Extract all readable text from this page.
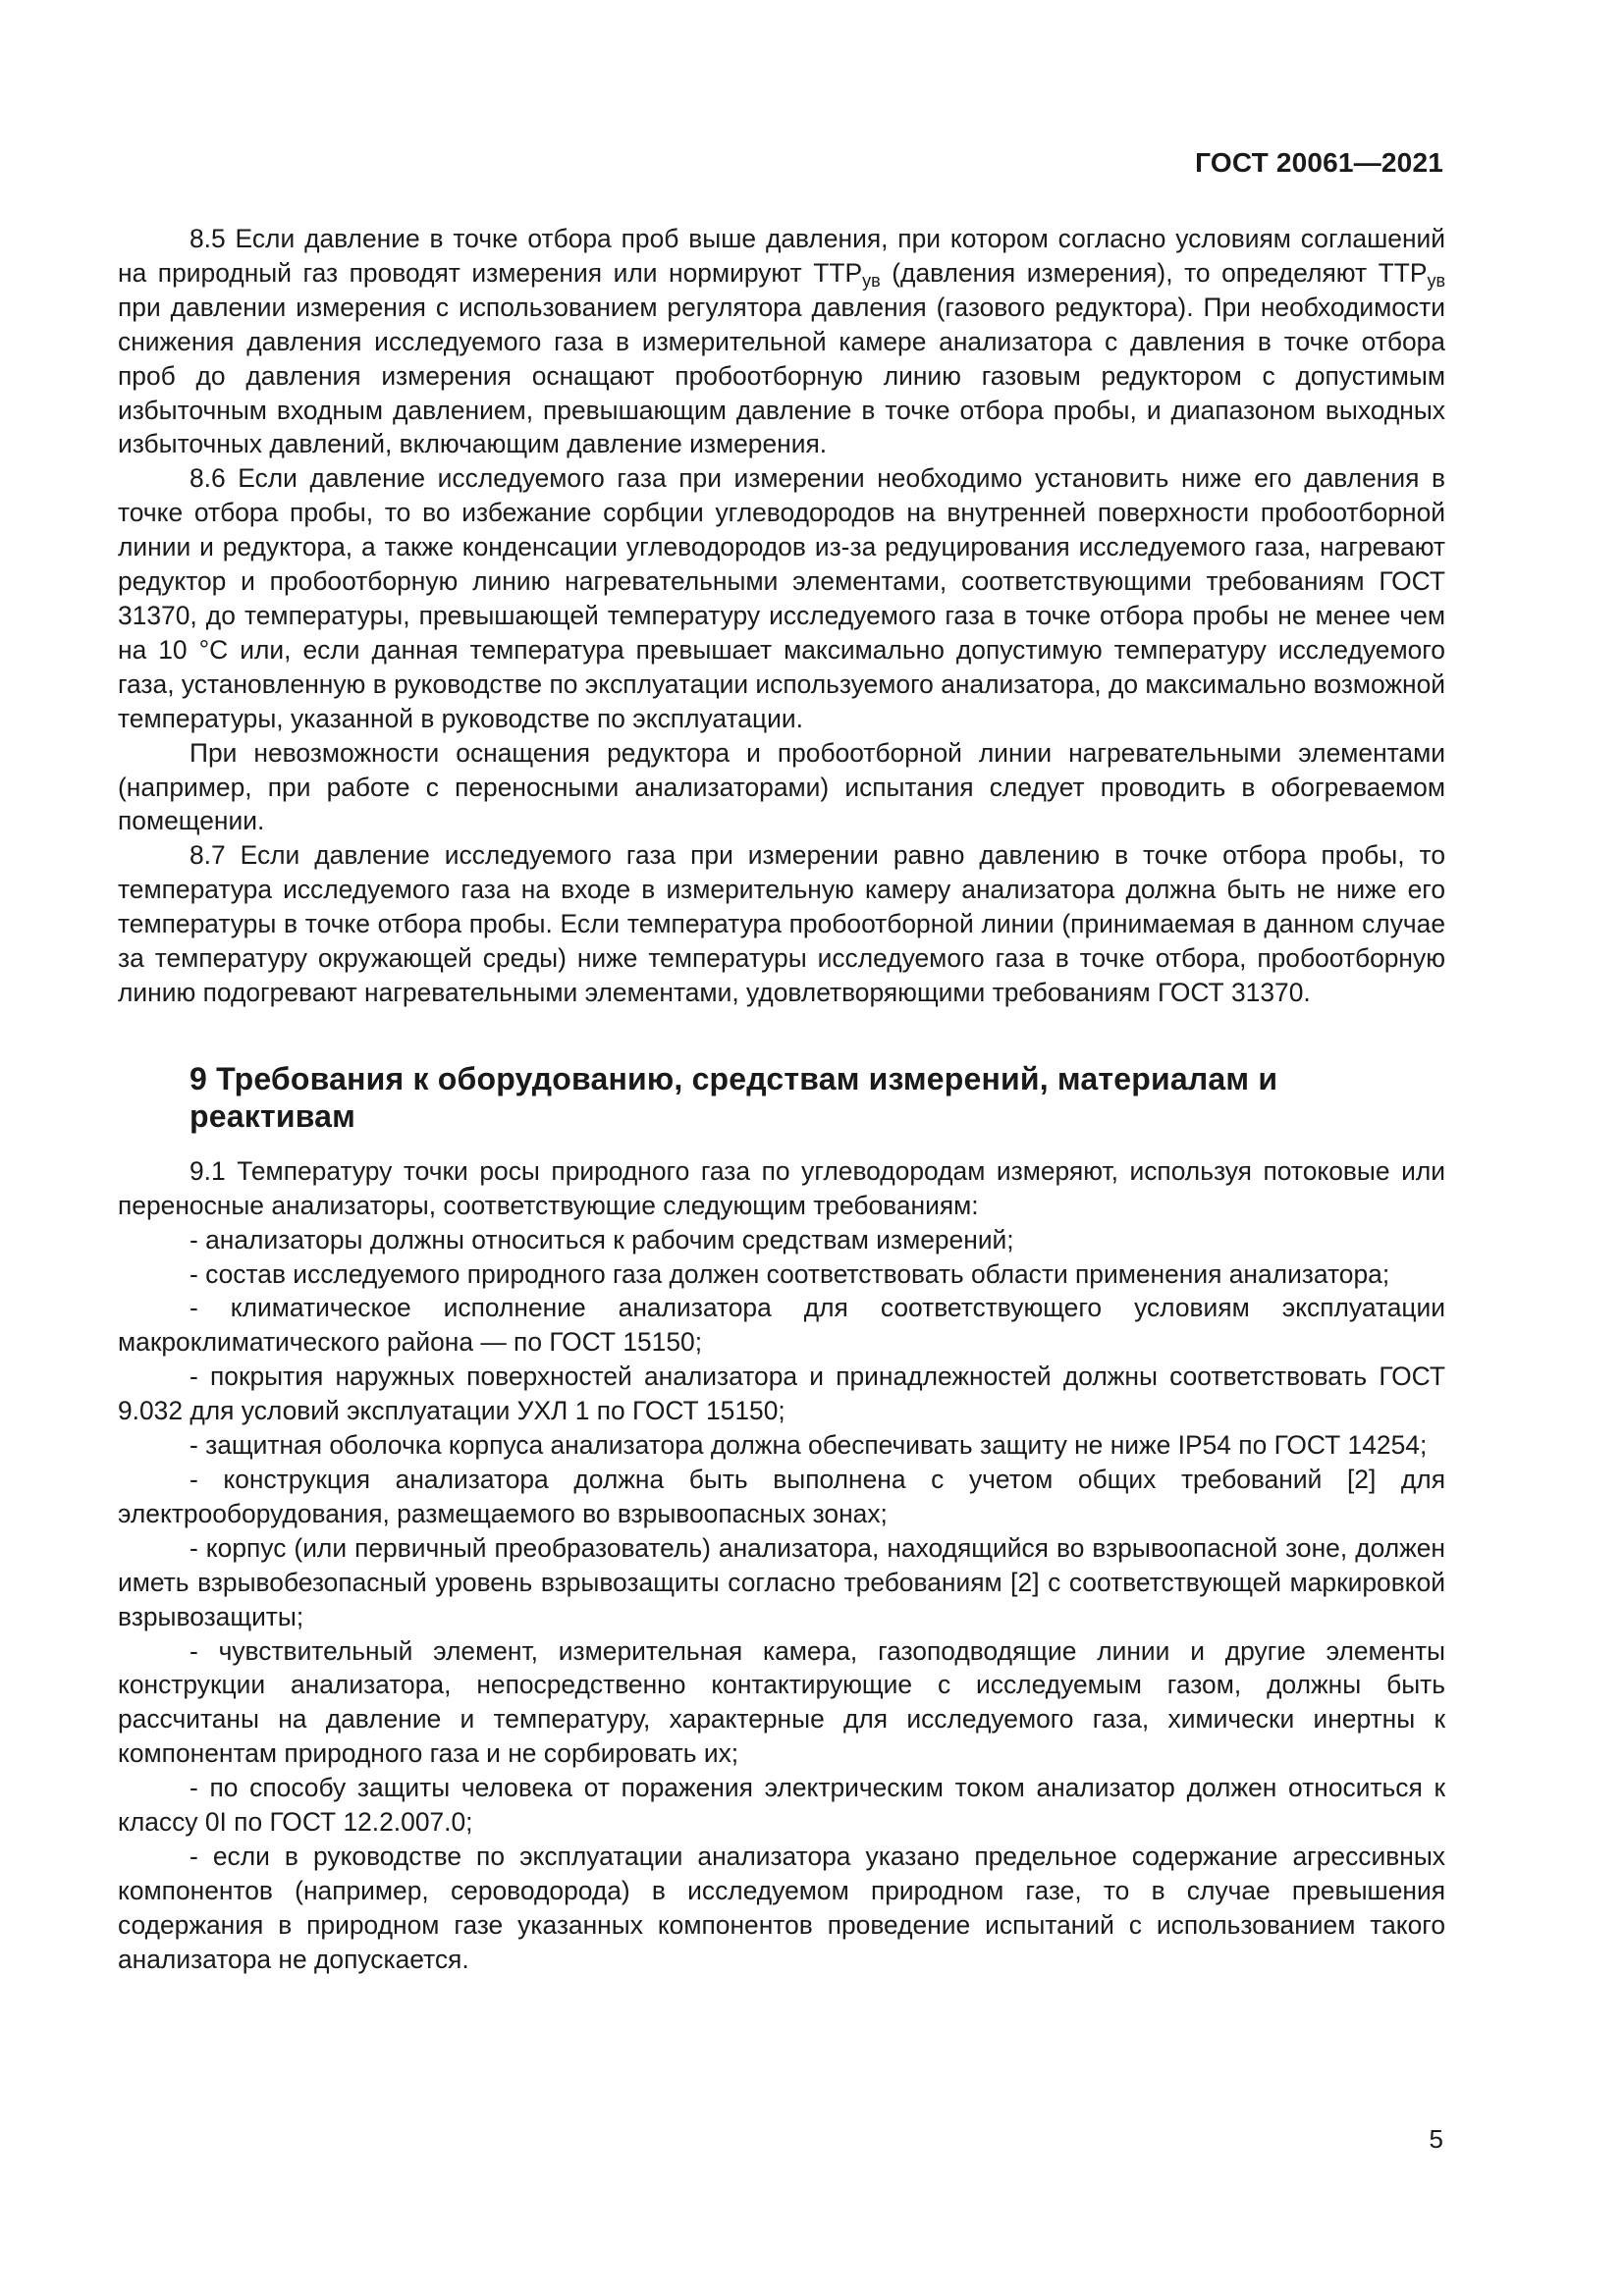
ГОСТ 20061—2021

8.5 Если давление в точке отбора проб выше давления, при котором согласно условиям соглашений на природный газ проводят измерения или нормируют $ТТР_{ув}$ (давления измерения), то определяют $ТТР_{ув}$ при давлении измерения с использованием регулятора давления (газового редуктора). При необходимости снижения давления исследуемого газа в измерительной камере анализатора с давления в точке отбора проб до давления измерения оснащают пробоотборную линию газовым редуктором с допустимым избыточным входным давлением, превышающим давление в точке отбора пробы, и диапазоном выходных избыточных давлений, включающим давление измерения.

8.6 Если давление исследуемого газа при измерении необходимо установить ниже его давления в точке отбора пробы, то во избежание сорбции углеводородов на внутренней поверхности пробоотборной линии и редуктора, а также конденсации углеводородов из-за редуцирования исследуемого газа, нагревают редуктор и пробоотборную линию нагревательными элементами, соответствующими требованиям ГОСТ 31370, до температуры, превышающей температуру исследуемого газа в точке отбора пробы не менее чем на 10 °С или, если данная температура превышает максимально допустимую температуру исследуемого газа, установленную в руководстве по эксплуатации используемого анализатора, до максимально возможной температуры, указанной в руководстве по эксплуатации.

При невозможности оснащения редуктора и пробоотборной линии нагревательными элементами (например, при работе с переносными анализаторами) испытания следует проводить в обогреваемом помещении.

8.7 Если давление исследуемого газа при измерении равно давлению в точке отбора пробы, то температура исследуемого газа на входе в измерительную камеру анализатора должна быть не ниже его температуры в точке отбора пробы. Если температура пробоотборной линии (принимаемая в данном случае за температуру окружающей среды) ниже температуры исследуемого газа в точке отбора, пробоотборную линию подогревают нагревательными элементами, удовлетворяющими требованиям ГОСТ 31370.

9 Требования к оборудованию, средствам измерений, материалам и реактивам

9.1 Температуру точки росы природного газа по углеводородам измеряют, используя потоковые или переносные анализаторы, соответствующие следующим требованиям:

- анализаторы должны относиться к рабочим средствам измерений;

- состав исследуемого природного газа должен соответствовать области применения анализатора;

- климатическое исполнение анализатора для соответствующего условиям эксплуатации макроклиматического района — по ГОСТ 15150;

- покрытия наружных поверхностей анализатора и принадлежностей должны соответствовать ГОСТ 9.032 для условий эксплуатации УХЛ 1 по ГОСТ 15150;

- защитная оболочка корпуса анализатора должна обеспечивать защиту не ниже IP54 по ГОСТ 14254;

- конструкция анализатора должна быть выполнена с учетом общих требований [2] для электрооборудования, размещаемого во взрывоопасных зонах;

- корпус (или первичный преобразователь) анализатора, находящийся во взрывоопасной зоне, должен иметь взрывобезопасный уровень взрывозащиты согласно требованиям [2] с соответствующей маркировкой взрывозащиты;

- чувствительный элемент, измерительная камера, газоподводящие линии и другие элементы конструкции анализатора, непосредственно контактирующие с исследуемым газом, должны быть рассчитаны на давление и температуру, характерные для исследуемого газа, химически инертны к компонентам природного газа и не сорбировать их;

- по способу защиты человека от поражения электрическим током анализатор должен относиться к классу 0I по ГОСТ 12.2.007.0;

- если в руководстве по эксплуатации анализатора указано предельное содержание агрессивных компонентов (например, сероводорода) в исследуемом природном газе, то в случае превышения содержания в природном газе указанных компонентов проведение испытаний с использованием такого анализатора не допускается.

5
